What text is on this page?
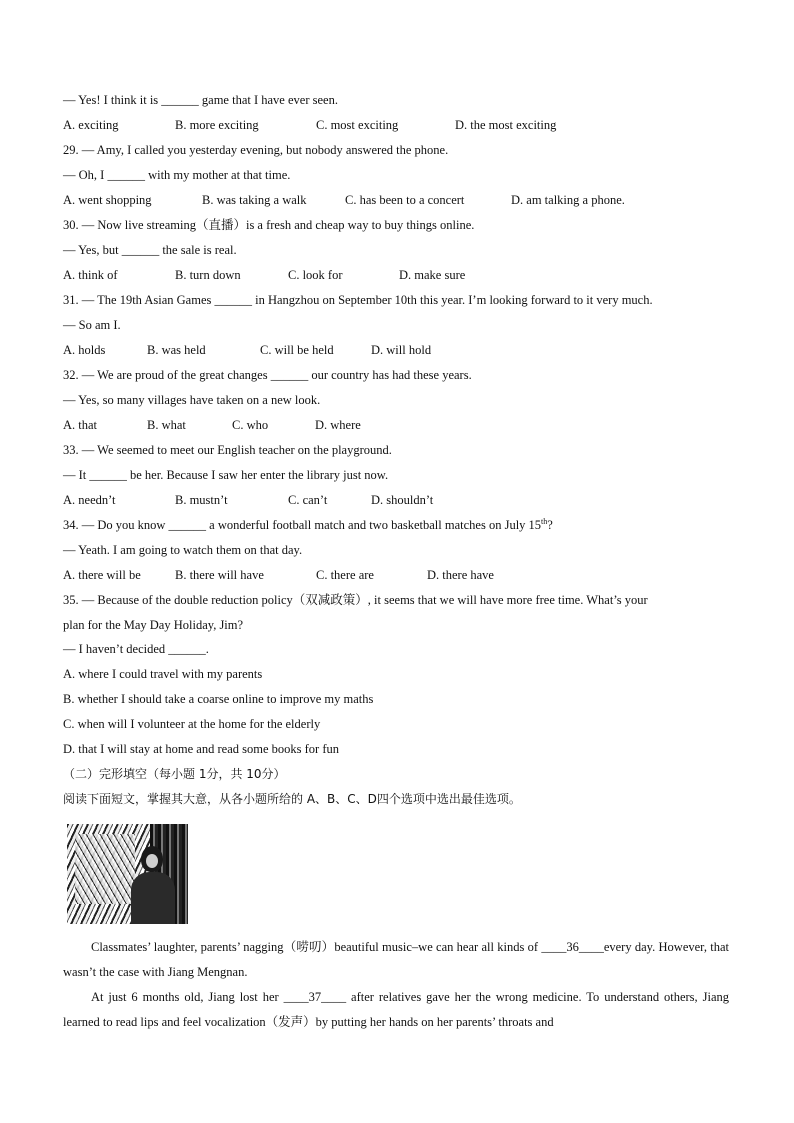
— Yes! I think it is ______ game that I have ever seen.
A. exciting	B. more exciting	C. most exciting	D. the most exciting
29. — Amy, I called you yesterday evening, but nobody answered the phone.
— Oh, I ______ with my mother at that time.
A. went shopping	B. was taking a walk	C. has been to a concert	D. am talking a phone.
30. — Now live streaming（直播）is a fresh and cheap way to buy things online.
— Yes, but ______ the sale is real.
A. think of	B. turn down	C. look for	D. make sure
31. — The 19th Asian Games ______ in Hangzhou on September 10th this year. I’m looking forward to it very much.
— So am I.
A. holds	B. was held	C. will be held	D. will hold
32. — We are proud of the great changes ______ our country has had these years.
— Yes, so many villages have taken on a new look.
A. that	B. what	C. who	D. where
33. — We seemed to meet our English teacher on the playground.
— It ______ be her. Because I saw her enter the library just now.
A. needn’t	B. mustn’t	C. can’t	D. shouldn’t
34. — Do you know ______ a wonderful football match and two basketball matches on July 15th?
— Yeath. I am going to watch them on that day.
A. there will be	B. there will have	C. there are	D. there have
35. — Because of the double reduction policy（双减政策）, it seems that we will have more free time. What’s your
plan for the May Day Holiday, Jim?
— I haven’t decided ______.
A. where I could travel with my parents
B. whether I should take a coarse online to improve my maths
C. when will I volunteer at the home for the elderly
D. that I will stay at home and read some books for fun
（二）完形填空（每小题 1分，共 10分）
阅读下面短文，掌握其大意，从各小题所给的 A、B、C、D四个选项中选出最佳选项。
Classmates’ laughter, parents’ nagging（唠叨）beautiful music–we can hear all kinds of ____36____every day. However, that wasn’t the case with Jiang Mengnan.
At just 6 months old, Jiang lost her ____37____ after relatives gave her the wrong medicine. To understand others, Jiang learned to read lips and feel vocalization（发声）by putting her hands on her parents’ throats and
